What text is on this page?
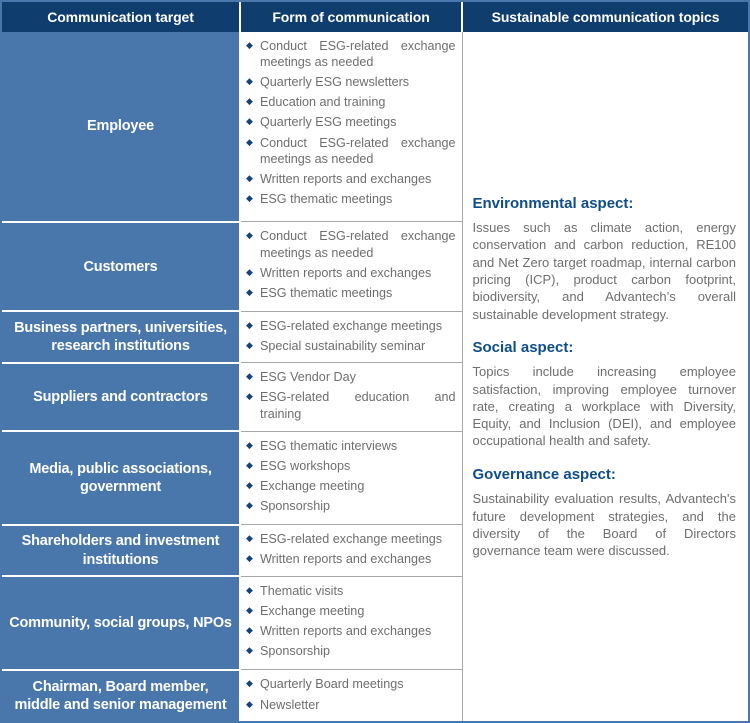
Communication target	Form of communication	Sustainable communication topics
Employee	
◆ Conduct ESG-related exchange meetings as needed
◆ Quarterly ESG newsletters
◆ Education and training
◆ Quarterly ESG meetings
◆ Conduct ESG-related exchange meetings as needed
◆ Written reports and exchanges
◆ ESG thematic meetings	Environmental aspect:
Issues such as climate action, energy conservation and carbon reduction, RE100 and Net Zero target roadmap, internal carbon pricing (ICP), product carbon footprint, biodiversity, and Advantech’s overall sustainable development strategy.
Social aspect:
Topics include increasing employee satisfaction, improving employee turnover rate, creating a workplace with Diversity, Equity, and Inclusion (DEI), and employee occupational health and safety.
Governance aspect:
Sustainability evaluation results, Advantech's future development strategies, and the diversity of the Board of Directors governance team were discussed.

Customers	
◆ Conduct ESG-related exchange meetings as needed
◆ Written reports and exchanges
◆ ESG thematic meetings

Business partners, universities, research institutions	
◆ ESG-related exchange meetings
◆ Special sustainability seminar

Suppliers and contractors	
◆ ESG Vendor Day
◆ ESG-related education and training

Media, public associations, government	
◆ ESG thematic interviews
◆ ESG workshops
◆ Exchange meeting
◆ Sponsorship

Shareholders and investment institutions	
◆ ESG-related exchange meetings
◆ Written reports and exchanges

Community, social groups, NPOs	
◆ Thematic visits
◆ Exchange meeting
◆ Written reports and exchanges
◆ Sponsorship

Chairman, Board member, middle and senior management	
◆ Quarterly Board meetings
◆ Newsletter
